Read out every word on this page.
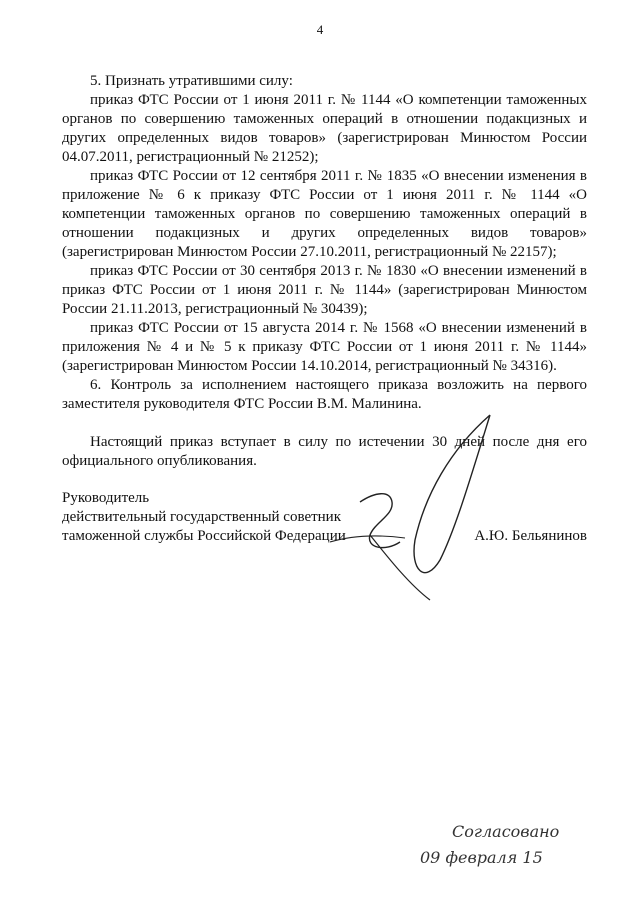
4

5. Признать утратившими силу:

приказ ФТС России от 1 июня 2011 г. № 1144 «О компетенции таможенных органов по совершению таможенных операций в отношении подакцизных и других определенных видов товаров» (зарегистрирован Минюстом России 04.07.2011, регистрационный № 21252);

приказ ФТС России от 12 сентября 2011 г. № 1835 «О внесении изменения в приложение № 6 к приказу ФТС России от 1 июня 2011 г. № 1144 «О компетенции таможенных органов по совершению таможенных операций в отношении подакцизных и других определенных видов товаров» (зарегистрирован Минюстом России 27.10.2011, регистрационный № 22157);

приказ ФТС России от 30 сентября 2013 г. № 1830 «О внесении изменений в приказ ФТС России от 1 июня 2011 г. № 1144» (зарегистрирован Минюстом России 21.11.2013, регистрационный № 30439);

приказ ФТС России от 15 августа 2014 г. № 1568 «О внесении изменений в приложения № 4 и № 5 к приказу ФТС России от 1 июня 2011 г. № 1144» (зарегистрирован Минюстом России 14.10.2014, регистрационный № 34316).

6. Контроль за исполнением настоящего приказа возложить на первого заместителя руководителя ФТС России В.М. Малинина.

Настоящий приказ вступает в силу по истечении 30 дней после дня его официального опубликования.

Руководитель

действительный государственный советник

таможенной службы Российской Федерации	А.Ю. Бельянинов
Согласовано
09 февраля 15
